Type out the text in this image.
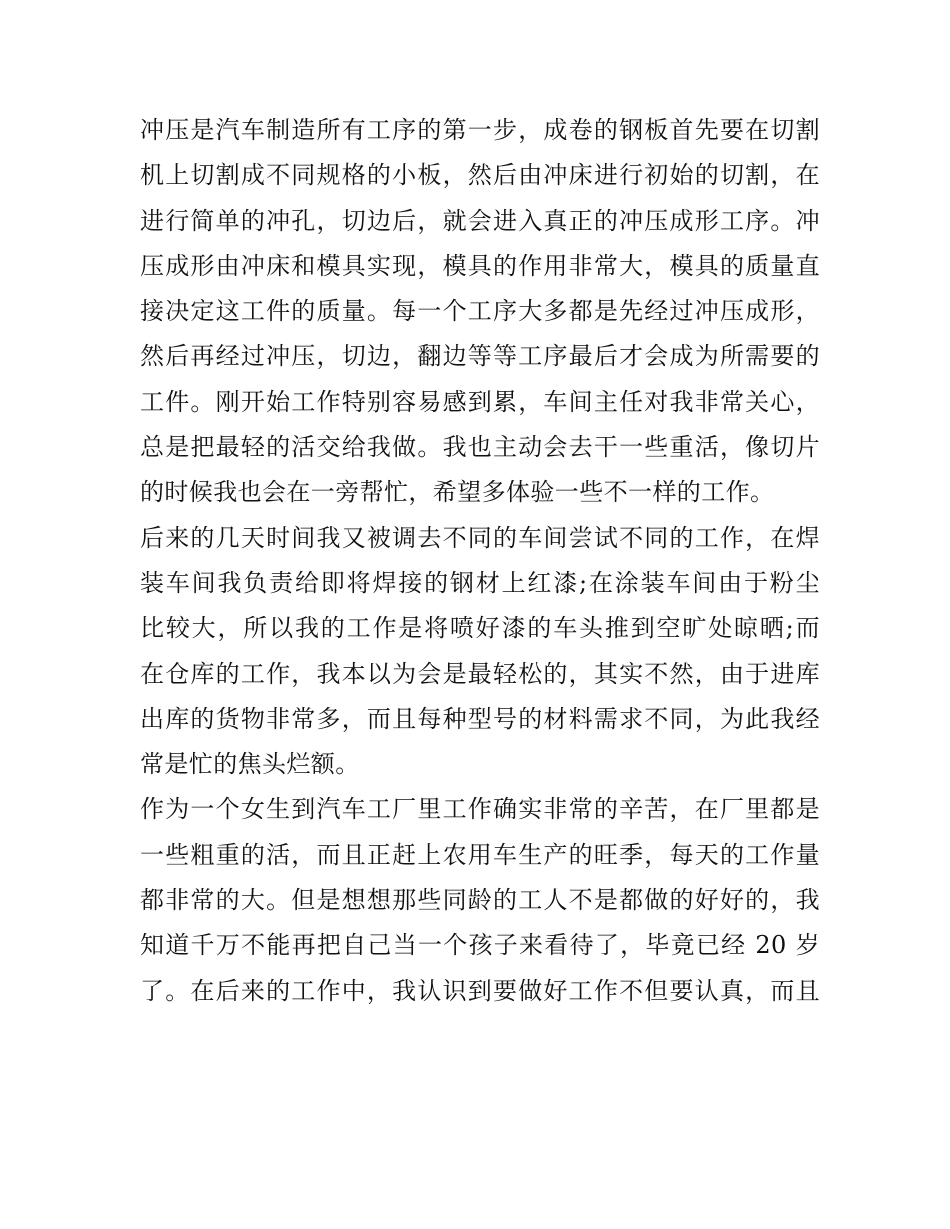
冲压是汽车制造所有工序的第一步，成卷的钢板首先要在切割
机上切割成不同规格的小板，然后由冲床进行初始的切割，在
进行简单的冲孔，切边后，就会进入真正的冲压成形工序。冲
压成形由冲床和模具实现，模具的作用非常大，模具的质量直
接决定这工件的质量。每一个工序大多都是先经过冲压成形，
然后再经过冲压，切边，翻边等等工序最后才会成为所需要的
工件。刚开始工作特别容易感到累，车间主任对我非常关心，
总是把最轻的活交给我做。我也主动会去干一些重活，像切片
的时候我也会在一旁帮忙，希望多体验一些不一样的工作。
后来的几天时间我又被调去不同的车间尝试不同的工作，在焊
装车间我负责给即将焊接的钢材上红漆;在涂装车间由于粉尘
比较大，所以我的工作是将喷好漆的车头推到空旷处晾晒;而
在仓库的工作，我本以为会是最轻松的，其实不然，由于进库
出库的货物非常多，而且每种型号的材料需求不同，为此我经
常是忙的焦头烂额。
作为一个女生到汽车工厂里工作确实非常的辛苦，在厂里都是
一些粗重的活，而且正赶上农用车生产的旺季，每天的工作量
都非常的大。但是想想那些同龄的工人不是都做的好好的，我
知道千万不能再把自己当一个孩子来看待了，毕竟已经 20 岁
了。在后来的工作中，我认识到要做好工作不但要认真，而且
